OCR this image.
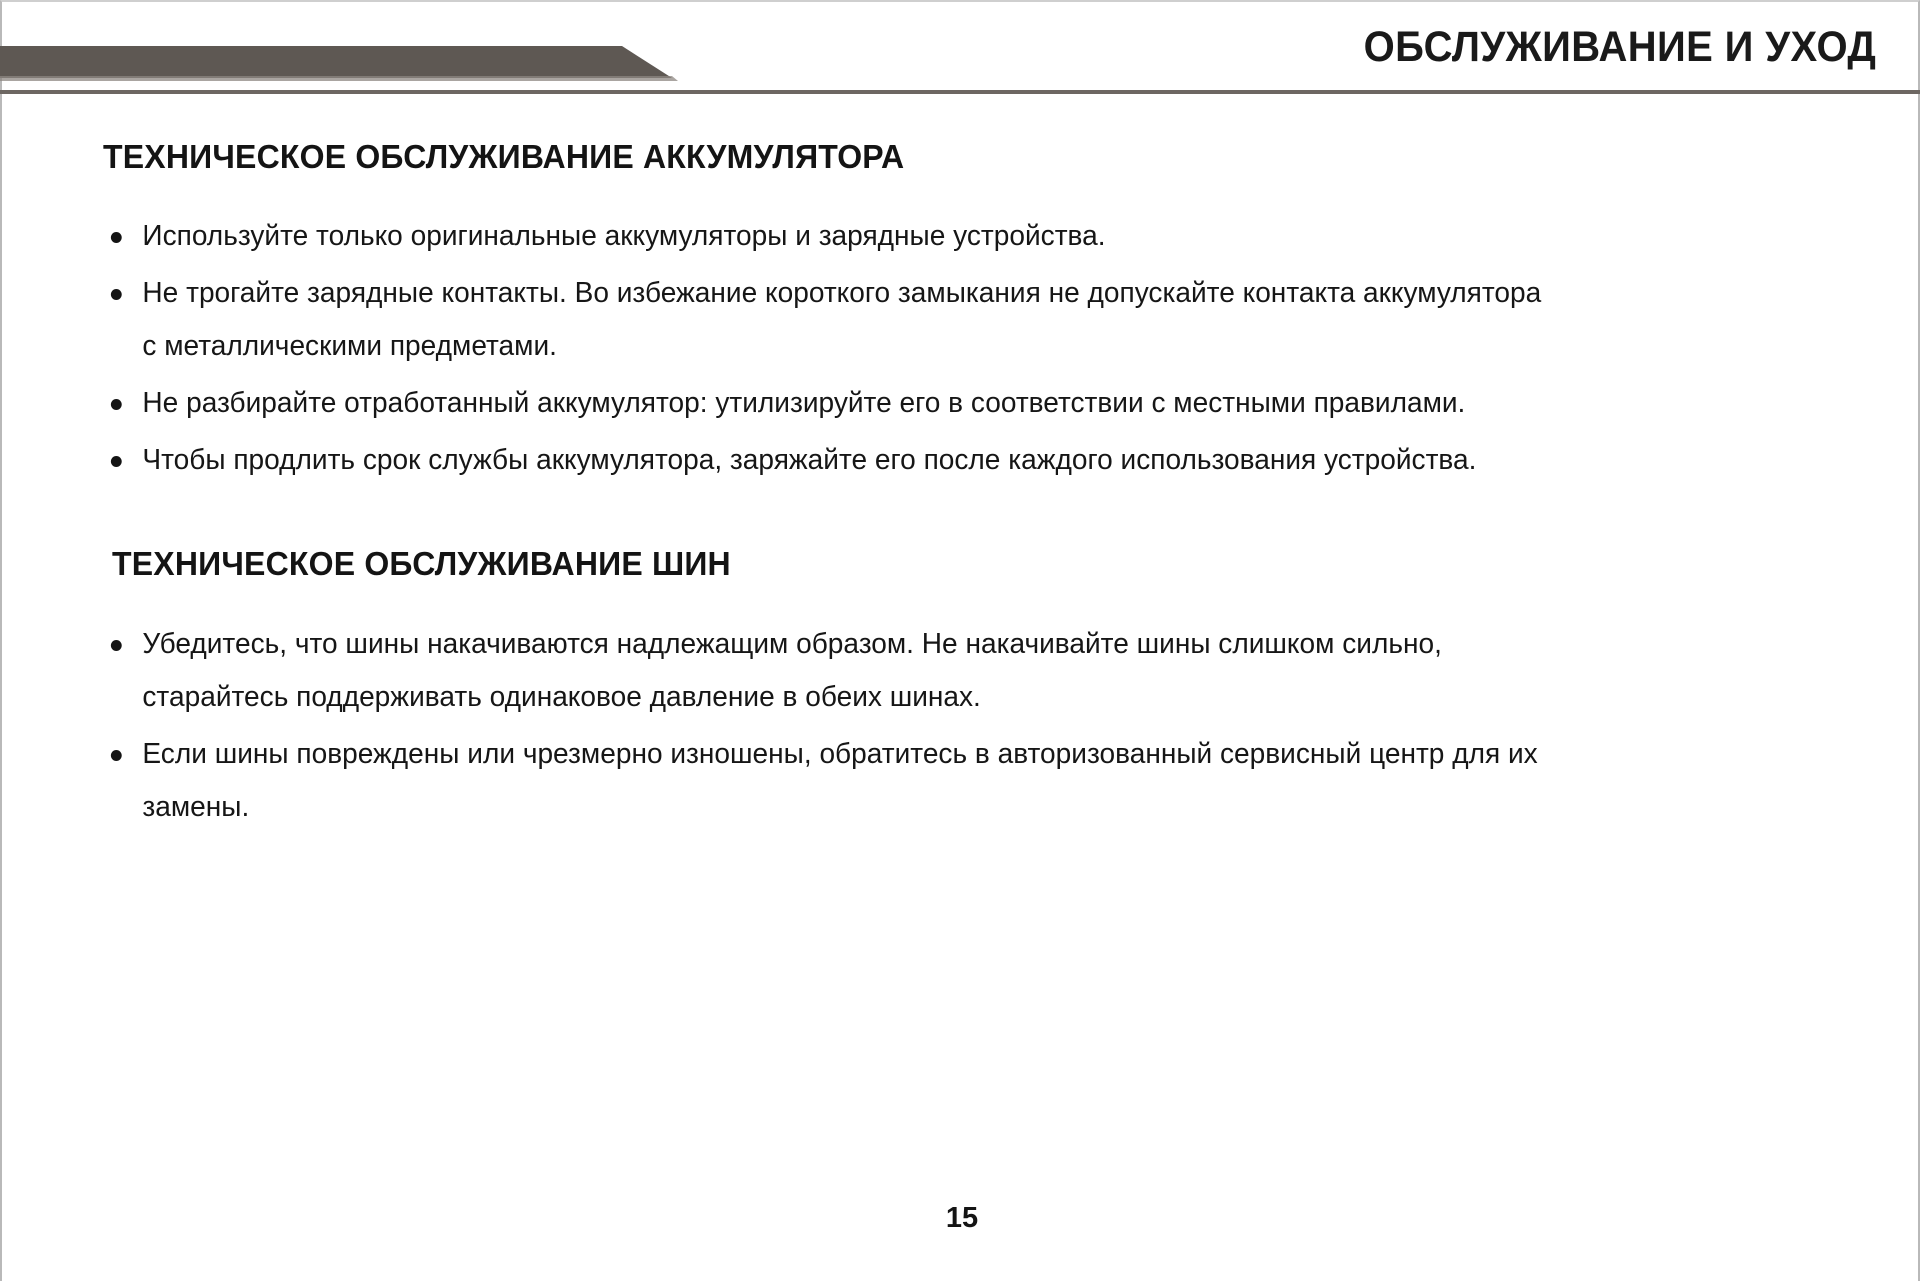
ОБСЛУЖИВАНИЕ И УХОД
ТЕХНИЧЕСКОЕ ОБСЛУЖИВАНИЕ АККУМУЛЯТОРА
Используйте только оригинальные аккумуляторы и зарядные устройства.
Не трогайте зарядные контакты. Во избежание короткого замыкания не допускайте контакта аккумулятора
с металлическими предметами.
Не разбирайте отработанный аккумулятор: утилизируйте его в соответствии с местными правилами.
Чтобы продлить срок службы аккумулятора, заряжайте его после каждого использования устройства.
ТЕХНИЧЕСКОЕ ОБСЛУЖИВАНИЕ ШИН
Убедитесь, что шины накачиваются надлежащим образом. Не накачивайте шины слишком сильно,
старайтесь поддерживать одинаковое давление в обеих шинах.
Если шины повреждены или чрезмерно изношены, обратитесь в авторизованный сервисный центр для их
замены.
15
